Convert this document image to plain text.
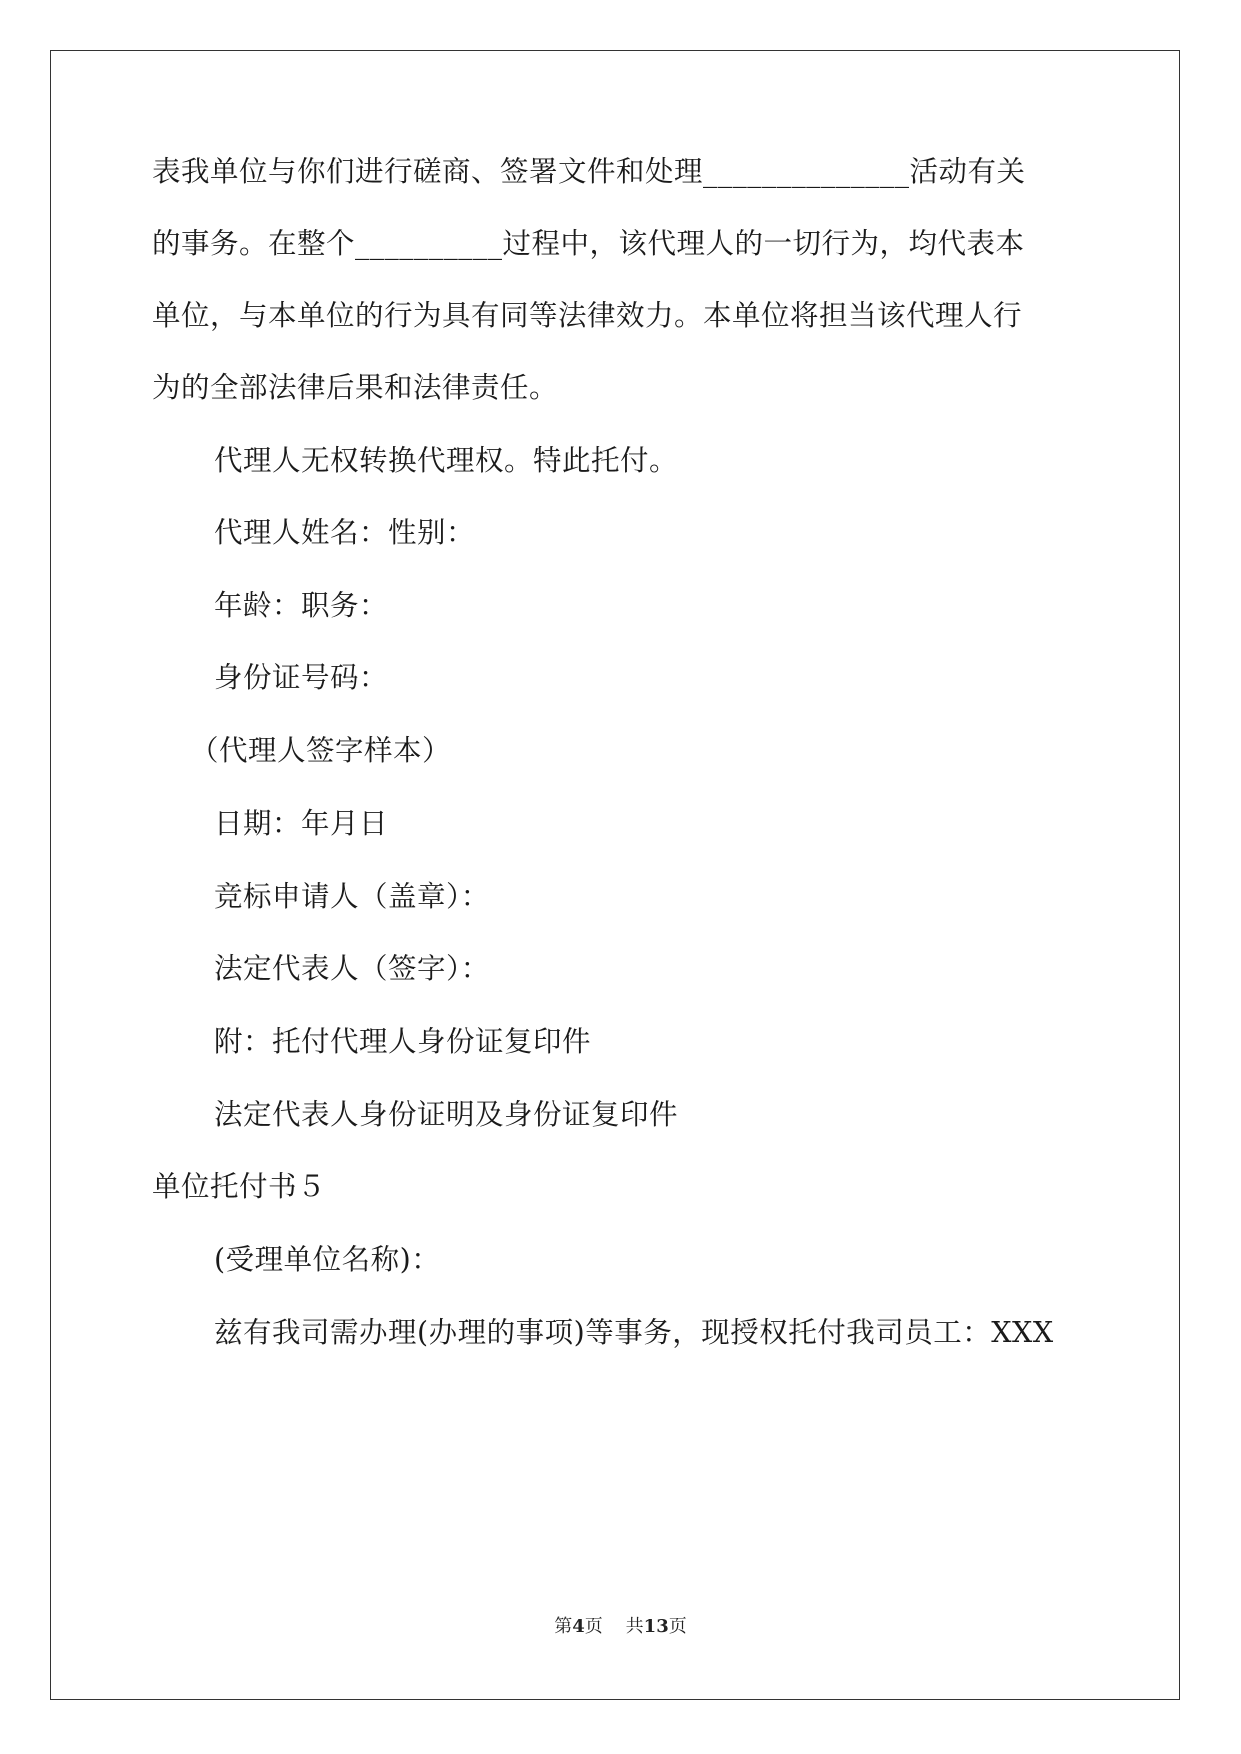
表我单位与你们进行磋商、签署文件和处理______________活动有关
的事务。在整个__________过程中，该代理人的一切行为，均代表本
单位，与本单位的行为具有同等法律效力。本单位将担当该代理人行
为的全部法律后果和法律责任。
代理人无权转换代理权。特此托付。
代理人姓名：性别：
年龄：职务：
身份证号码：
（代理人签字样本）
日期：年月日
竞标申请人（盖章）：
法定代表人（签字）：
附：托付代理人身份证复印件
法定代表人身份证明及身份证复印件
单位托付书５
(受理单位名称)：
兹有我司需办理(办理的事项)等事务，现授权托付我司员工：XXX
第4页 共13页
